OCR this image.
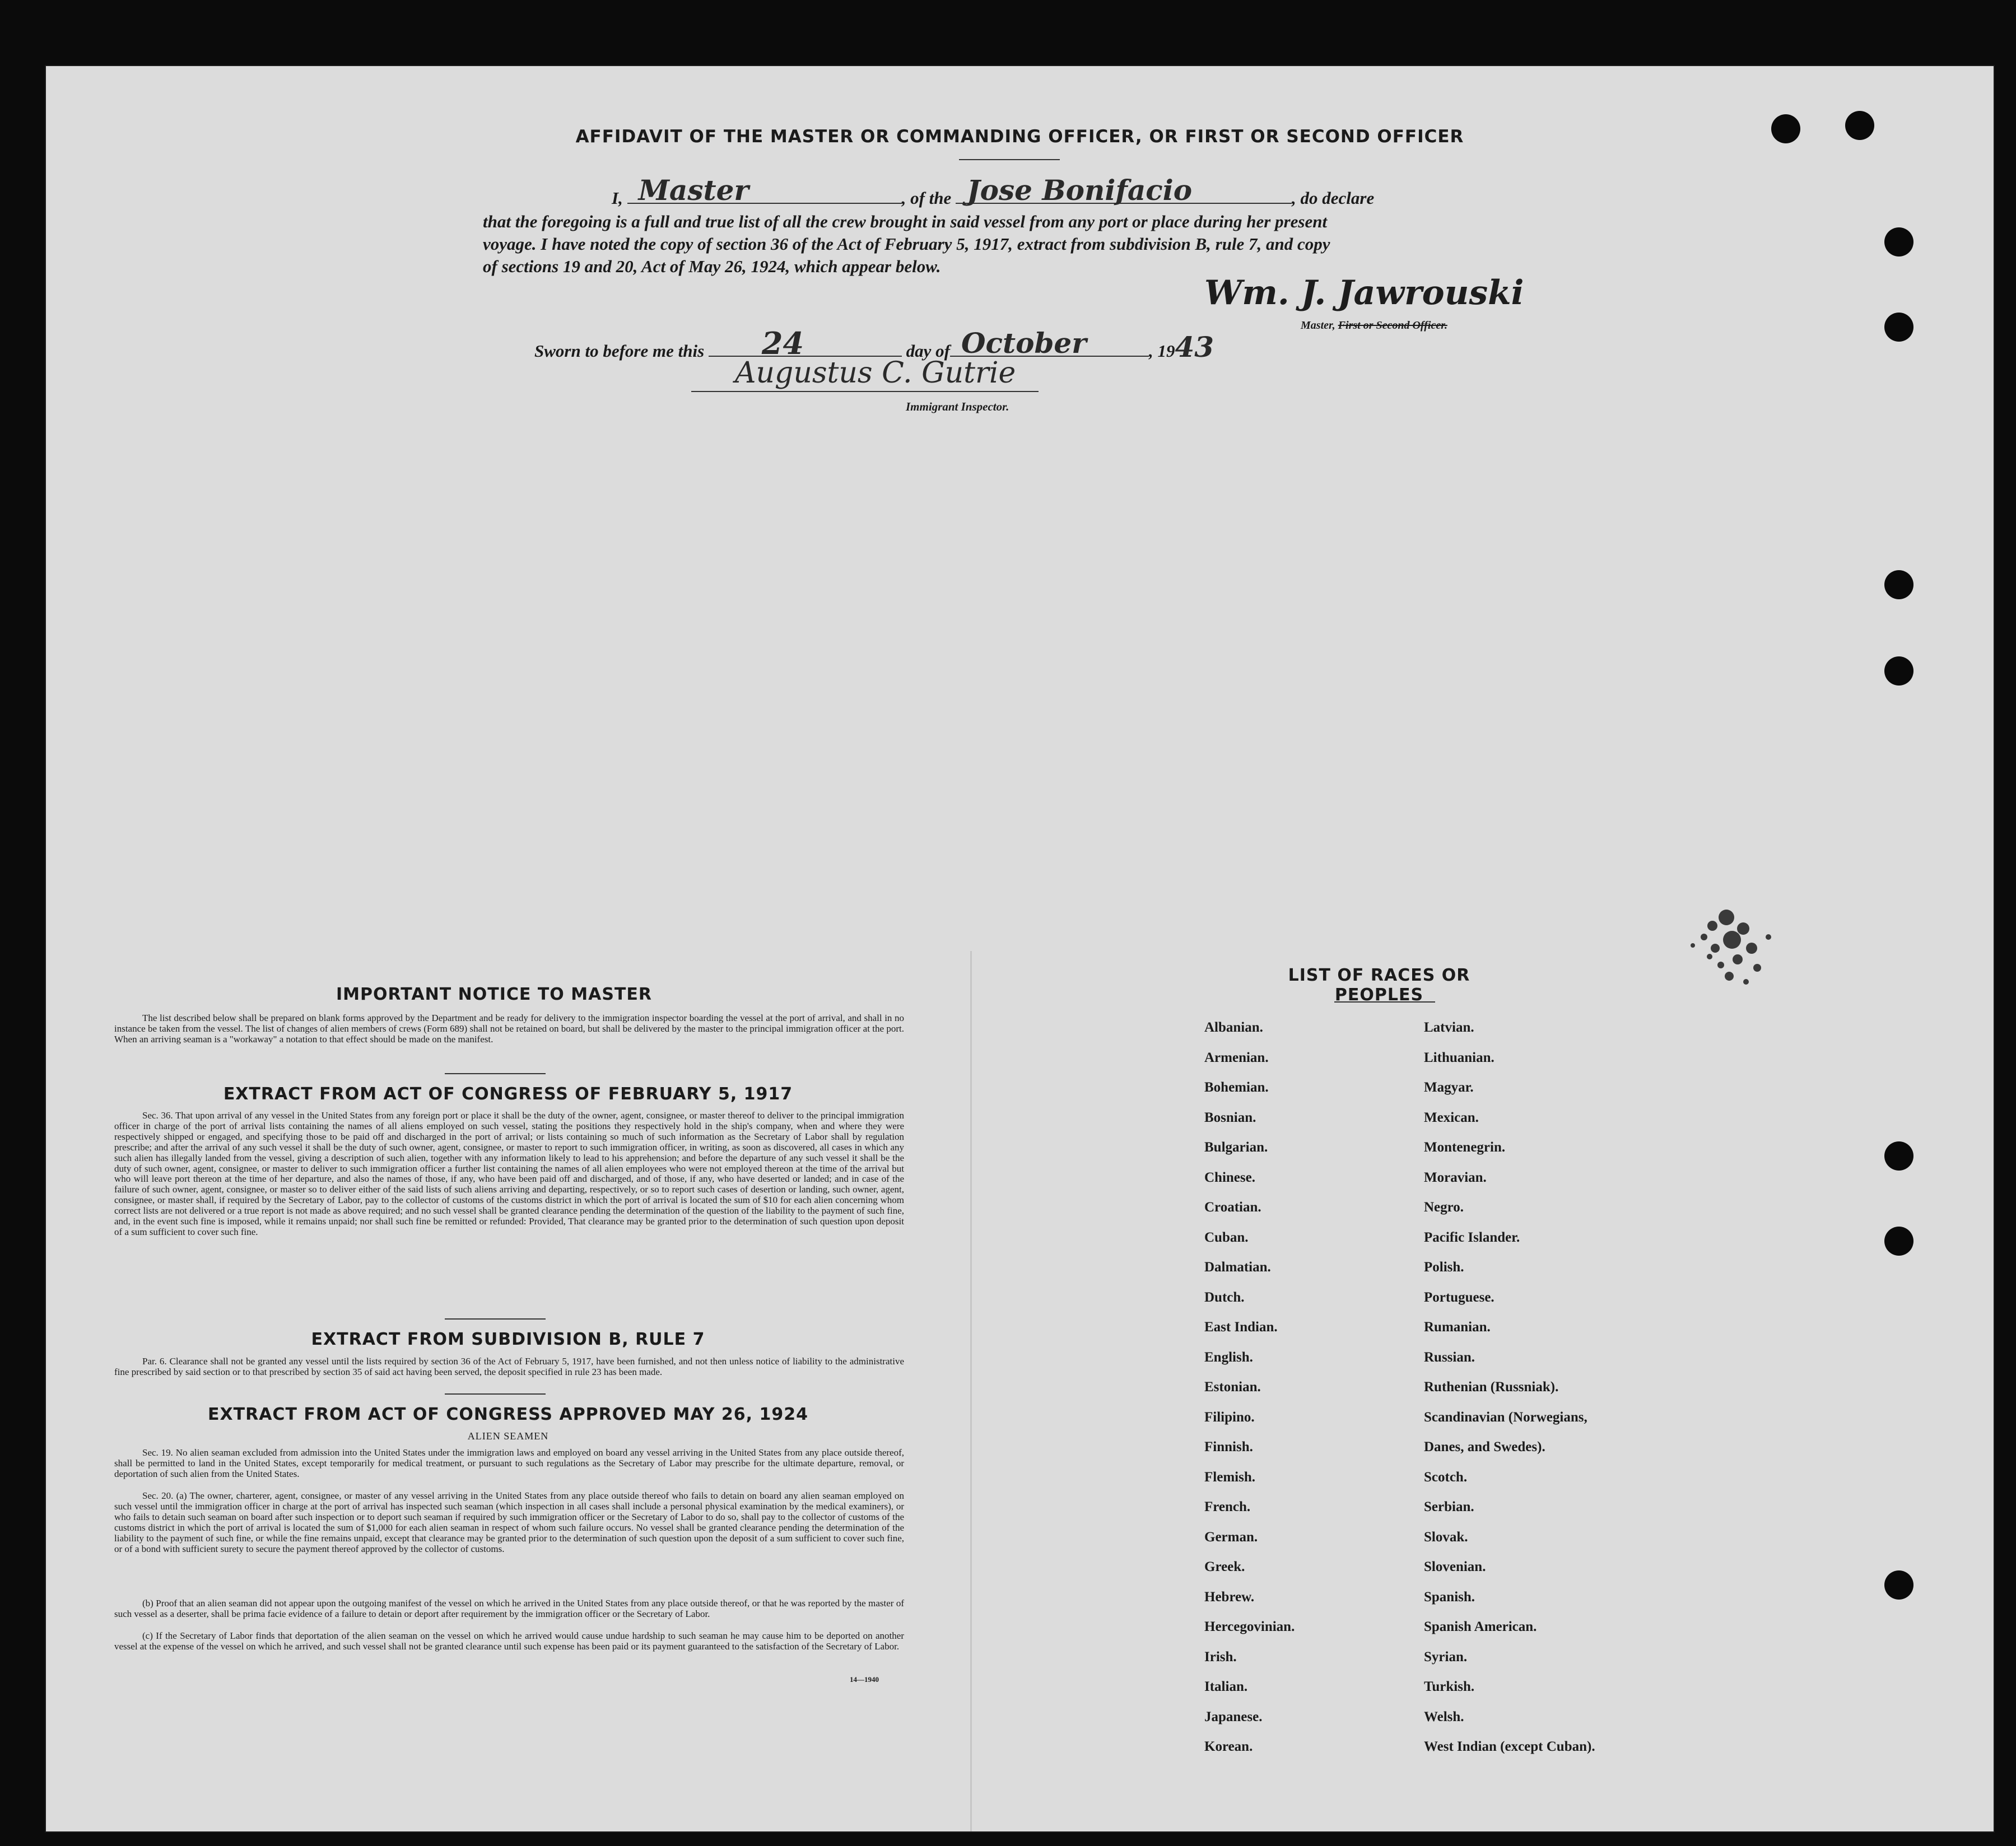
AFFIDAVIT OF THE MASTER OR COMMANDING OFFICER, OR FIRST OR SECOND OFFICER
I, Master	, of the Jose Bonifacio	, do declare
that the foregoing is a full and true list of all the crew brought in said vessel from any port or place during her present
voyage. I have noted the copy of section 36 of the Act of February 5, 1917, extract from subdivision B, rule 7, and copy
of sections 19 and 20, Act of May 26, 1924, which appear below.
Wm. J. Jawrouski
Master, First or Second Officer.
Sworn to before me this 24	day of October	, 1943
Augustus C. Gutrie
Immigrant Inspector.
IMPORTANT NOTICE TO MASTER
The list described below shall be prepared on blank forms approved by the Department and be ready for delivery to the immigration inspector boarding the vessel at the port of arrival, and shall in no instance be taken from the vessel. The list of changes of alien members of crews (Form 689) shall not be retained on board, but shall be delivered by the master to the principal immigration officer at the port. When an arriving seaman is a "workaway" a notation to that effect should be made on the manifest.
EXTRACT FROM ACT OF CONGRESS OF FEBRUARY 5, 1917
Sec. 36. That upon arrival of any vessel in the United States from any foreign port or place it shall be the duty of the owner, agent, consignee, or master thereof to deliver to the principal immigration officer in charge of the port of arrival lists containing the names of all aliens employed on such vessel, stating the positions they respectively hold in the ship's company, when and where they were respectively shipped or engaged, and specifying those to be paid off and discharged in the port of arrival; or lists containing so much of such information as the Secretary of Labor shall by regulation prescribe; and after the arrival of any such vessel it shall be the duty of such owner, agent, consignee, or master to report to such immigration officer, in writing, as soon as discovered, all cases in which any such alien has illegally landed from the vessel, giving a description of such alien, together with any information likely to lead to his apprehension; and before the departure of any such vessel it shall be the duty of such owner, agent, consignee, or master to deliver to such immigration officer a further list containing the names of all alien employees who were not employed thereon at the time of the arrival but who will leave port thereon at the time of her departure, and also the names of those, if any, who have been paid off and discharged, and of those, if any, who have deserted or landed; and in case of the failure of such owner, agent, consignee, or master so to deliver either of the said lists of such aliens arriving and departing, respectively, or so to report such cases of desertion or landing, such owner, agent, consignee, or master shall, if required by the Secretary of Labor, pay to the collector of customs of the customs district in which the port of arrival is located the sum of $10 for each alien concerning whom correct lists are not delivered or a true report is not made as above required; and no such vessel shall be granted clearance pending the determination of the question of the liability to the payment of such fine, and, in the event such fine is imposed, while it remains unpaid; nor shall such fine be remitted or refunded: Provided, That clearance may be granted prior to the determination of such question upon deposit of a sum sufficient to cover such fine.
EXTRACT FROM SUBDIVISION B, RULE 7
Par. 6. Clearance shall not be granted any vessel until the lists required by section 36 of the Act of February 5, 1917, have been furnished, and not then unless notice of liability to the administrative fine prescribed by said section or to that prescribed by section 35 of said act having been served, the deposit specified in rule 23 has been made.
EXTRACT FROM ACT OF CONGRESS APPROVED MAY 26, 1924
ALIEN SEAMEN
Sec. 19. No alien seaman excluded from admission into the United States under the immigration laws and employed on board any vessel arriving in the United States from any place outside thereof, shall be permitted to land in the United States, except temporarily for medical treatment, or pursuant to such regulations as the Secretary of Labor may prescribe for the ultimate departure, removal, or deportation of such alien from the United States.
Sec. 20. (a) The owner, charterer, agent, consignee, or master of any vessel arriving in the United States from any place outside thereof who fails to detain on board any alien seaman employed on such vessel until the immigration officer in charge at the port of arrival has inspected such seaman (which inspection in all cases shall include a personal physical examination by the medical examiners), or who fails to detain such seaman on board after such inspection or to deport such seaman if required by such immigration officer or the Secretary of Labor to do so, shall pay to the collector of customs of the customs district in which the port of arrival is located the sum of $1,000 for each alien seaman in respect of whom such failure occurs. No vessel shall be granted clearance pending the determination of the liability to the payment of such fine, or while the fine remains unpaid, except that clearance may be granted prior to the determination of such question upon the deposit of a sum sufficient to cover such fine, or of a bond with sufficient surety to secure the payment thereof approved by the collector of customs.
(b) Proof that an alien seaman did not appear upon the outgoing manifest of the vessel on which he arrived in the United States from any place outside thereof, or that he was reported by the master of such vessel as a deserter, shall be prima facie evidence of a failure to detain or deport after requirement by the immigration officer or the Secretary of Labor.
(c) If the Secretary of Labor finds that deportation of the alien seaman on the vessel on which he arrived would cause undue hardship to such seaman he may cause him to be deported on another vessel at the expense of the vessel on which he arrived, and such vessel shall not be granted clearance until such expense has been paid or its payment guaranteed to the satisfaction of the Secretary of Labor.
14—1940
LIST OF RACES OR PEOPLES
Albanian.
Armenian.
Bohemian.
Bosnian.
Bulgarian.
Chinese.
Croatian.
Cuban.
Dalmatian.
Dutch.
East Indian.
English.
Estonian.
Filipino.
Finnish.
Flemish.
French.
German.
Greek.
Hebrew.
Hercegovinian.
Irish.
Italian.
Japanese.
Korean.
Latvian.
Lithuanian.
Magyar.
Mexican.
Montenegrin.
Moravian.
Negro.
Pacific Islander.
Polish.
Portuguese.
Rumanian.
Russian.
Ruthenian (Russniak).
Scandinavian (Norwegians,
Danes, and Swedes).
Scotch.
Serbian.
Slovak.
Slovenian.
Spanish.
Spanish American.
Syrian.
Turkish.
Welsh.
West Indian (except Cuban).
